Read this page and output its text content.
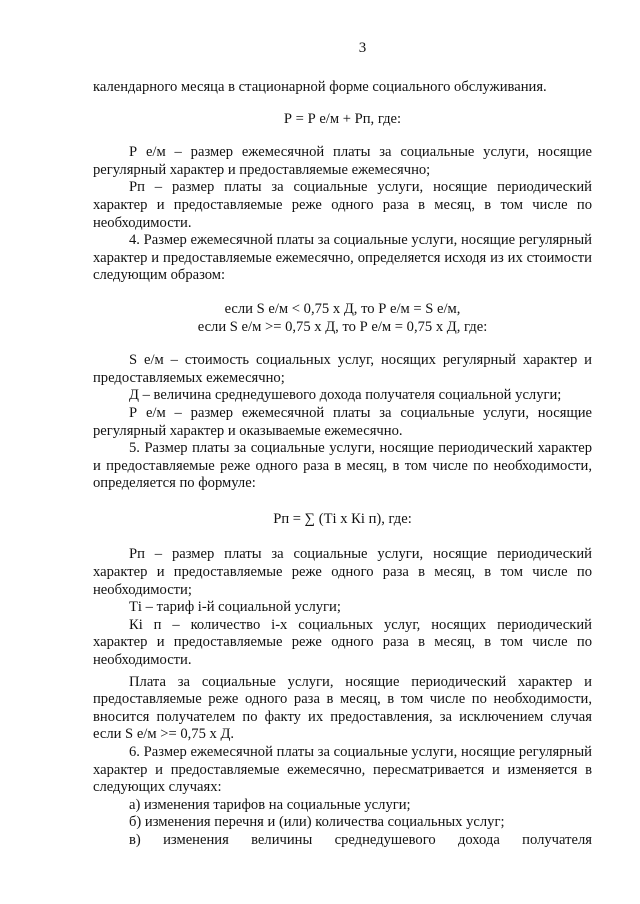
3

календарного месяца в стационарной форме социального обслуживания.

Р = Р е/м + Рп, где:

Р е/м – размер ежемесячной платы за социальные услуги, носящие регулярный характер и предоставляемые ежемесячно;

Рп – размер платы за социальные услуги, носящие периодический характер и предоставляемые реже одного раза в месяц, в том числе по необходимости.

4. Размер ежемесячной платы за социальные услуги, носящие регулярный характер и предоставляемые ежемесячно, определяется исходя из их стоимости следующим образом:

если S е/м < 0,75 х Д, то Р е/м = S е/м,
если S е/м >= 0,75 х Д, то Р е/м = 0,75 х Д, где:

S е/м – стоимость социальных услуг, носящих регулярный характер и предоставляемых ежемесячно;

Д – величина среднедушевого дохода получателя социальной услуги;

Р е/м – размер ежемесячной платы за социальные услуги, носящие регулярный характер и оказываемые ежемесячно.

5. Размер платы за социальные услуги, носящие периодический характер и предоставляемые реже одного раза в месяц, в том числе по необходимости, определяется по формуле:

Рп = ∑ (Тi х Кi п), где:

Рп – размер платы за социальные услуги, носящие периодический характер и предоставляемые реже одного раза в месяц, в том числе по необходимости;

Тi – тариф i-й социальной услуги;

Кi п – количество i-х социальных услуг, носящих периодический характер и предоставляемые реже одного раза в месяц, в том числе по необходимости.

Плата за социальные услуги, носящие периодический характер и предоставляемые реже одного раза в месяц, в том числе по необходимости, вносится получателем по факту их предоставления, за исключением случая если S е/м >= 0,75 х Д.

6. Размер ежемесячной платы за социальные услуги, носящие регулярный характер и предоставляемые ежемесячно, пересматривается и изменяется в следующих случаях:

а) изменения тарифов на социальные услуги;

б) изменения перечня и (или) количества социальных услуг;

в) изменения величины среднедушевого дохода получателя
